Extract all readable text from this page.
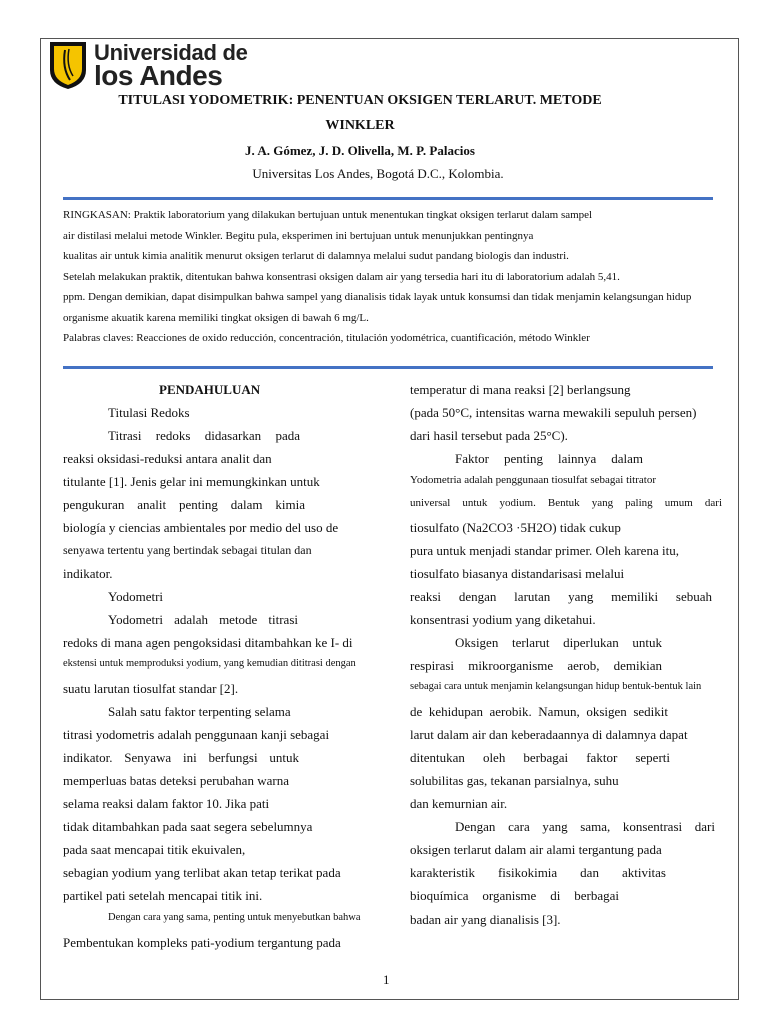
Universidad de
los Andes
TITULASI YODOMETRIK: PENENTUAN OKSIGEN TERLARUT. METODE
WINKLER
J. A. Gómez, J. D. Olivella, M. P. Palacios
Universitas Los Andes, Bogotá D.C., Kolombia.
RINGKASAN: Praktik laboratorium yang dilakukan bertujuan untuk menentukan tingkat oksigen terlarut dalam sampel
air distilasi melalui metode Winkler. Begitu pula, eksperimen ini bertujuan untuk menunjukkan pentingnya
kualitas air untuk kimia analitik menurut oksigen terlarut di dalamnya melalui sudut pandang biologis dan industri.
Setelah melakukan praktik, ditentukan bahwa konsentrasi oksigen dalam air yang tersedia hari itu di laboratorium adalah 5,41.
ppm. Dengan demikian, dapat disimpulkan bahwa sampel yang dianalisis tidak layak untuk konsumsi dan tidak menjamin kelangsungan hidup
organisme akuatik karena memiliki tingkat oksigen di bawah 6 mg/L.
Palabras claves: Reacciones de oxido reducción, concentración, titulación yodométrica, cuantificación, método Winkler
PENDAHULUAN
Titulasi Redoks
Titrasi redoks didasarkan pada
reaksi oksidasi-reduksi antara analit dan
titulante [1]. Jenis gelar ini memungkinkan untuk
pengukuran analit penting dalam kimia
biología y ciencias ambientales por medio del uso de
senyawa tertentu yang bertindak sebagai titulan dan
indikator.
Yodometri
Yodometri adalah metode titrasi
redoks di mana agen pengoksidasi ditambahkan ke I- di
ekstensi untuk memproduksi yodium, yang kemudian dititrasi dengan
suatu larutan tiosulfat standar [2].
Salah satu faktor terpenting selama
titrasi yodometris adalah penggunaan kanji sebagai
indikator. Senyawa ini berfungsi untuk
memperluas batas deteksi perubahan warna
selama reaksi dalam faktor 10. Jika pati
tidak ditambahkan pada saat segera sebelumnya
pada saat mencapai titik ekuivalen,
sebagian yodium yang terlibat akan tetap terikat pada
partikel pati setelah mencapai titik ini.
Dengan cara yang sama, penting untuk menyebutkan bahwa
Pembentukan kompleks pati-yodium tergantung pada
temperatur di mana reaksi [2] berlangsung
(pada 50°C, intensitas warna mewakili sepuluh persen)
dari hasil tersebut pada 25°C).
Faktor penting lainnya dalam
Yodometria adalah penggunaan tiosulfat sebagai titrator
universal untuk yodium. Bentuk yang paling umum dari
tiosulfato (Na2CO3 ·5H2O) tidak cukup
pura untuk menjadi standar primer. Oleh karena itu,
tiosulfato biasanya distandarisasi melalui
reaksi dengan larutan yang memiliki sebuah
konsentrasi yodium yang diketahui.
Oksigen terlarut diperlukan untuk
respirasi mikroorganisme aerob, demikian
sebagai cara untuk menjamin kelangsungan hidup bentuk-bentuk lain
de kehidupan aerobik. Namun, oksigen sedikit
larut dalam air dan keberadaannya di dalamnya dapat
ditentukan oleh berbagai faktor seperti
solubilitas gas, tekanan parsialnya, suhu
dan kemurnian air.
Dengan cara yang sama, konsentrasi dari
oksigen terlarut dalam air alami tergantung pada
karakteristik fisikokimia dan aktivitas
bioquímica organisme di berbagai
badan air yang dianalisis [3].
1
